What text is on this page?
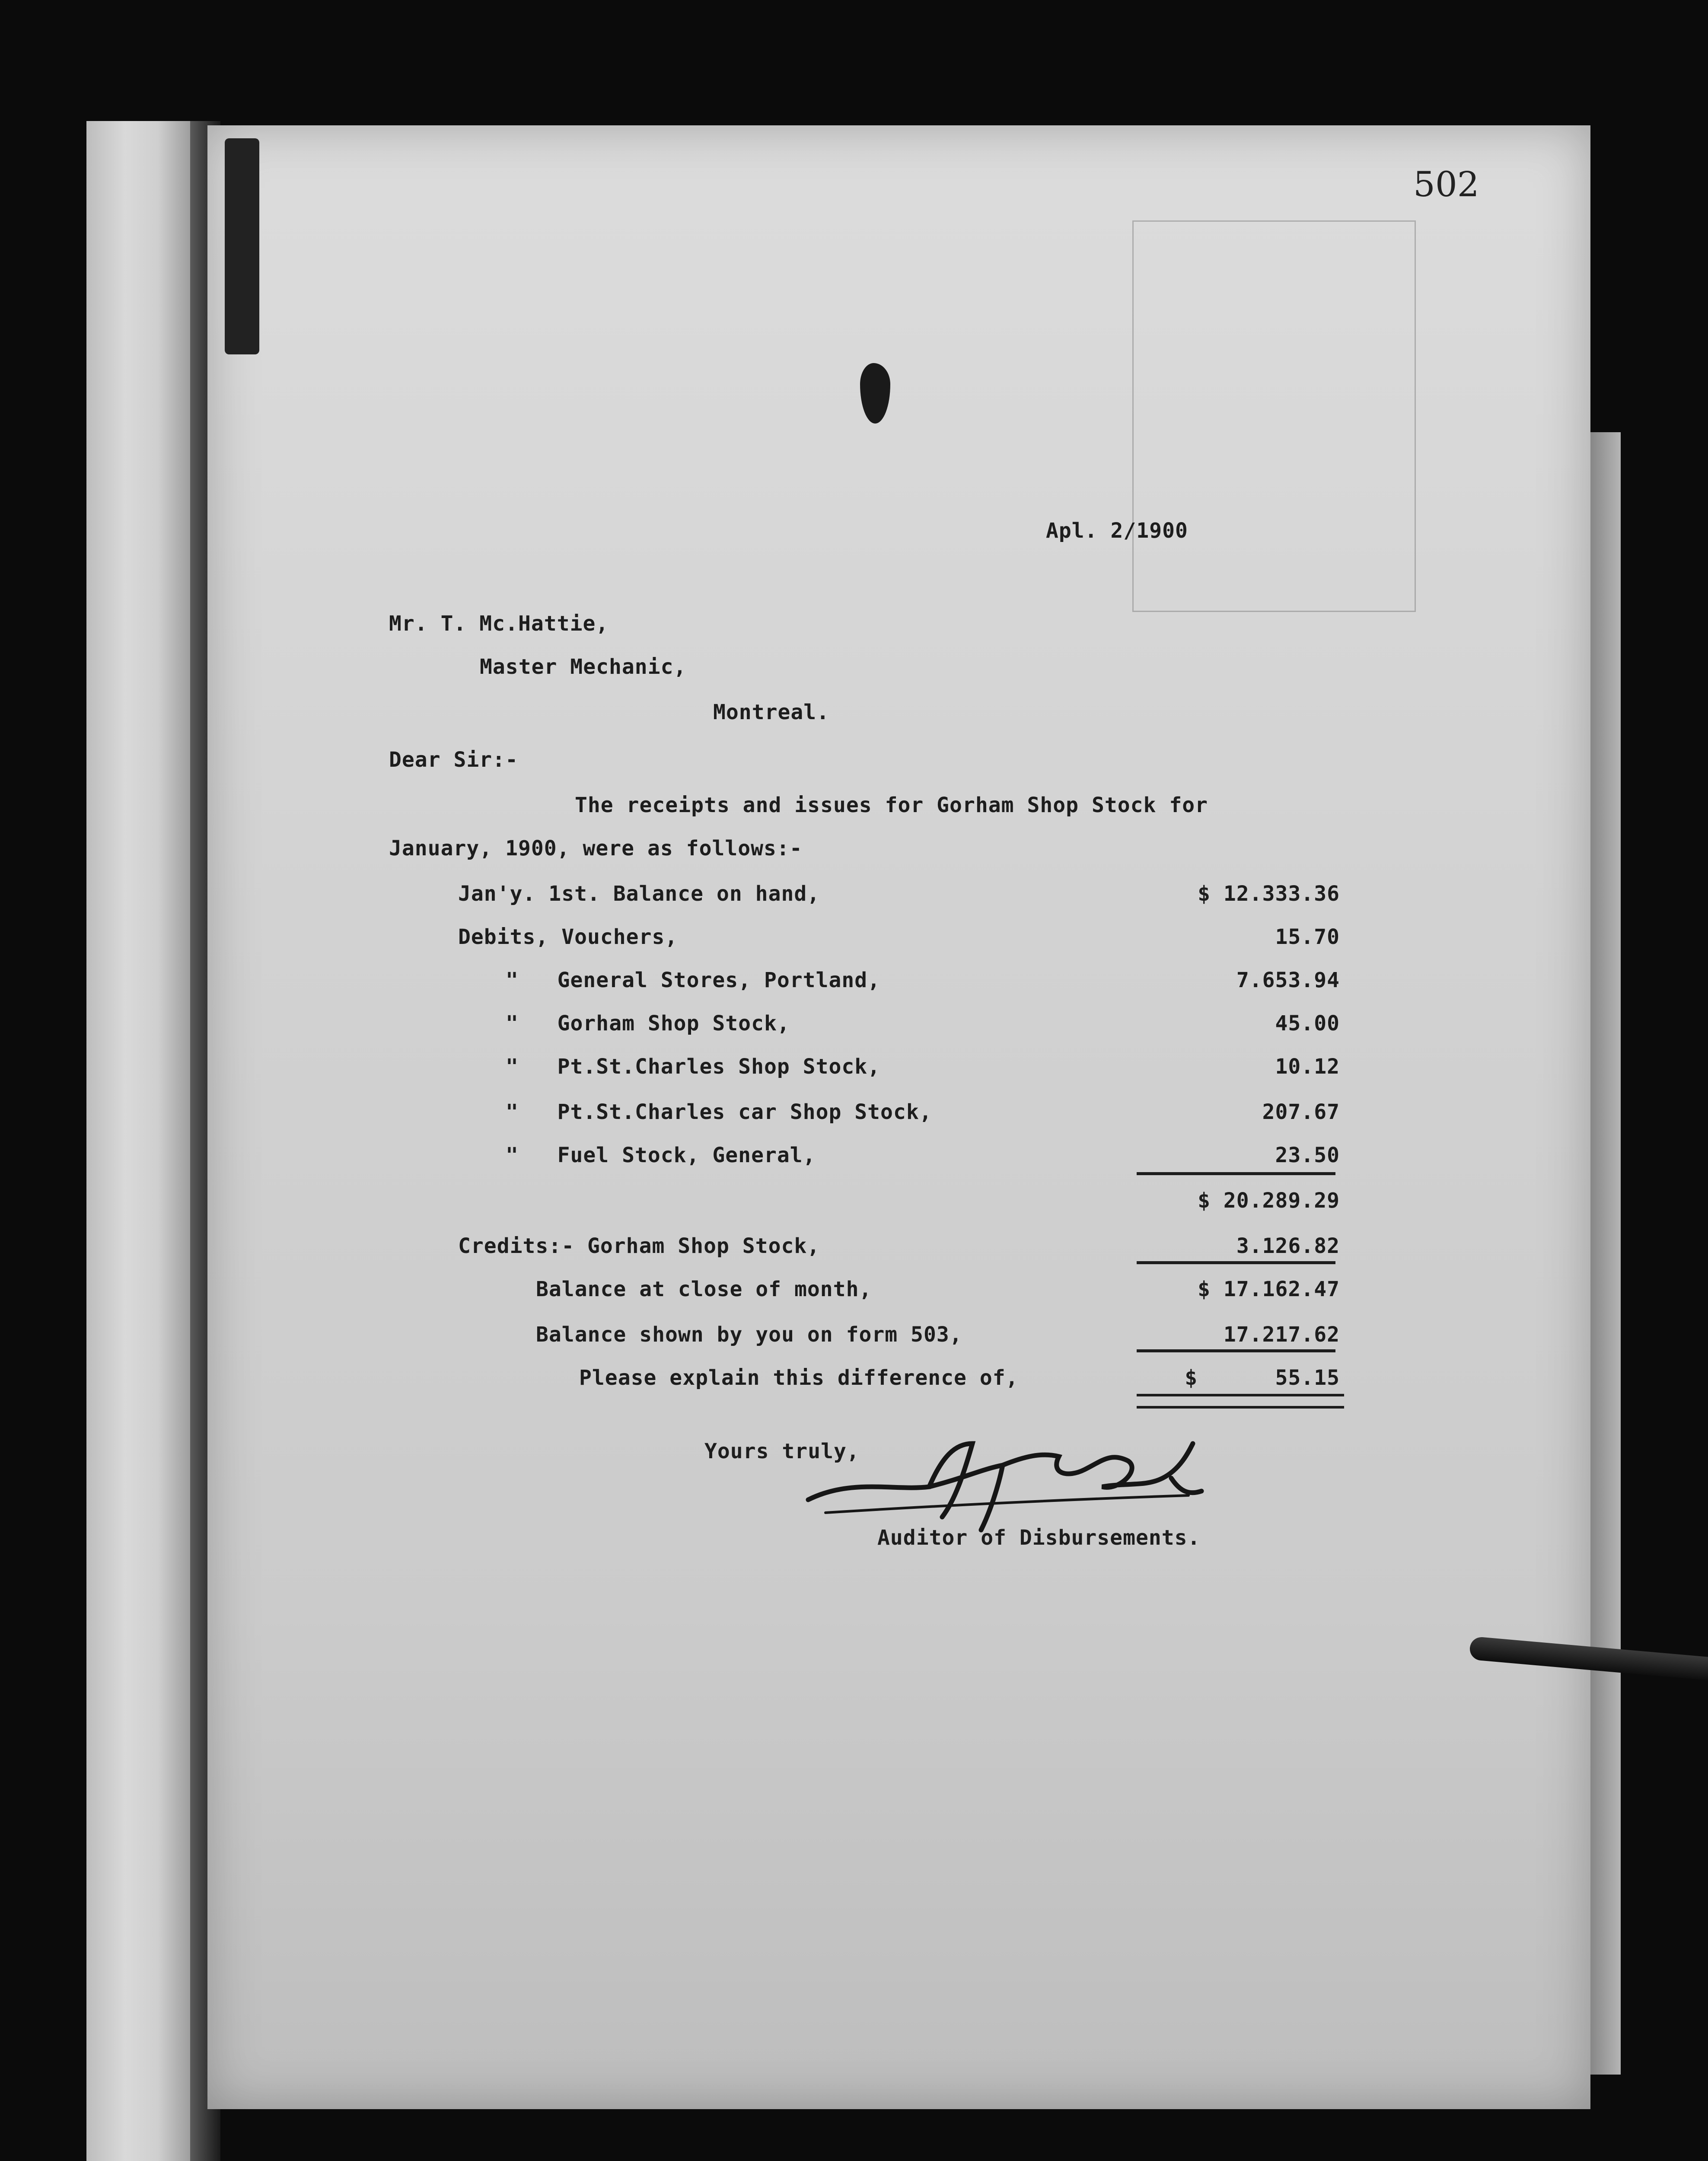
502
Apl. 2/1900
Mr. T. Mc.Hattie,
Master Mechanic,
Montreal.
Dear Sir:-
The receipts and issues for Gorham Shop Stock for
January, 1900, were as follows:-
Jan'y. 1st. Balance on hand,	$ 12.333.36
Debits, Vouchers,	15.70
"   General Stores, Portland,	7.653.94
"   Gorham Shop Stock,	45.00
"   Pt.St.Charles Shop Stock,	10.12
"   Pt.St.Charles car Shop Stock,	207.67
"   Fuel Stock, General,	23.50
$ 20.289.29
Credits:- Gorham Shop Stock,	3.126.82
Balance at close of month,	$ 17.162.47
Balance shown by you on form 503,	17.217.62
Please explain this difference of,	$      55.15
Yours truly,
Auditor of Disbursements.
